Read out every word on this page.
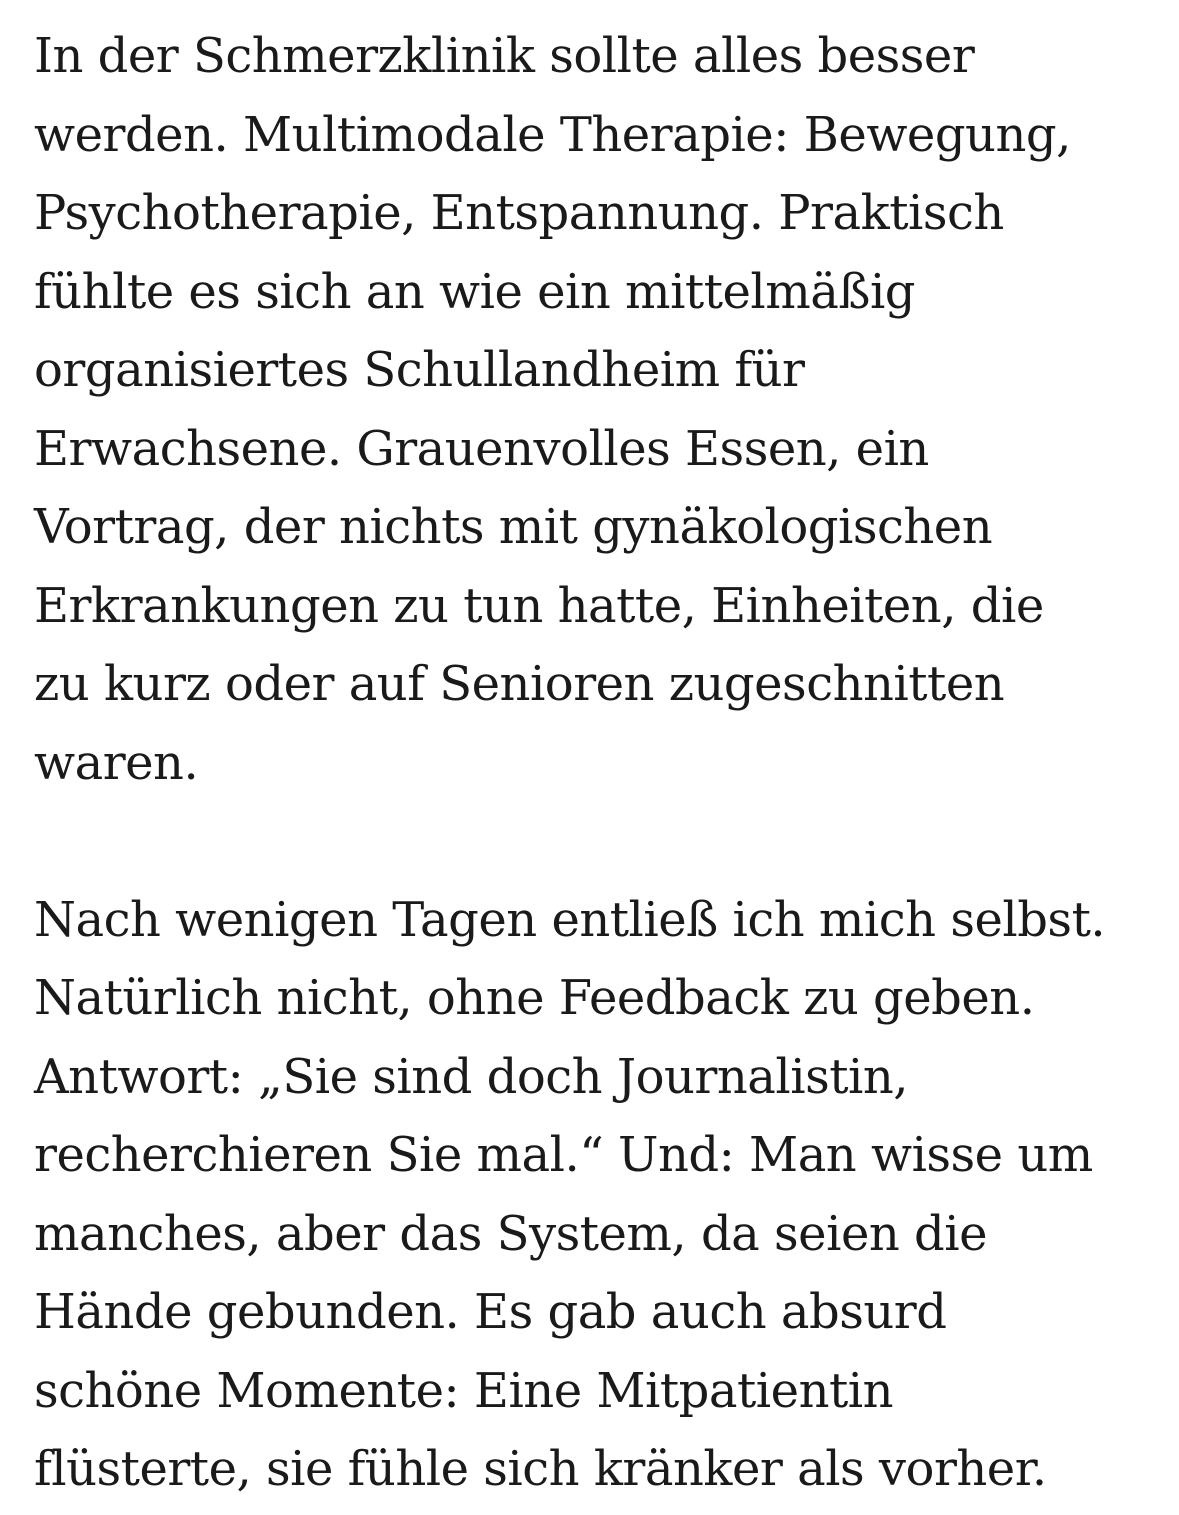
In der Schmerzklinik sollte alles besser
werden. Multimodale Therapie: Bewegung,
Psychotherapie, Entspannung. Praktisch
fühlte es sich an wie ein mittelmäßig
organisiertes Schullandheim für
Erwachsene. Grauenvolles Essen, ein
Vortrag, der nichts mit gynäkologischen
Erkrankungen zu tun hatte, Einheiten, die
zu kurz oder auf Senioren zugeschnitten
waren.

Nach wenigen Tagen entließ ich mich selbst.
Natürlich nicht, ohne Feedback zu geben.
Antwort: „Sie sind doch Journalistin,
recherchieren Sie mal.“ Und: Man wisse um
manches, aber das System, da seien die
Hände gebunden. Es gab auch absurd
schöne Momente: Eine Mitpatientin
flüsterte, sie fühle sich kränker als vorher.
